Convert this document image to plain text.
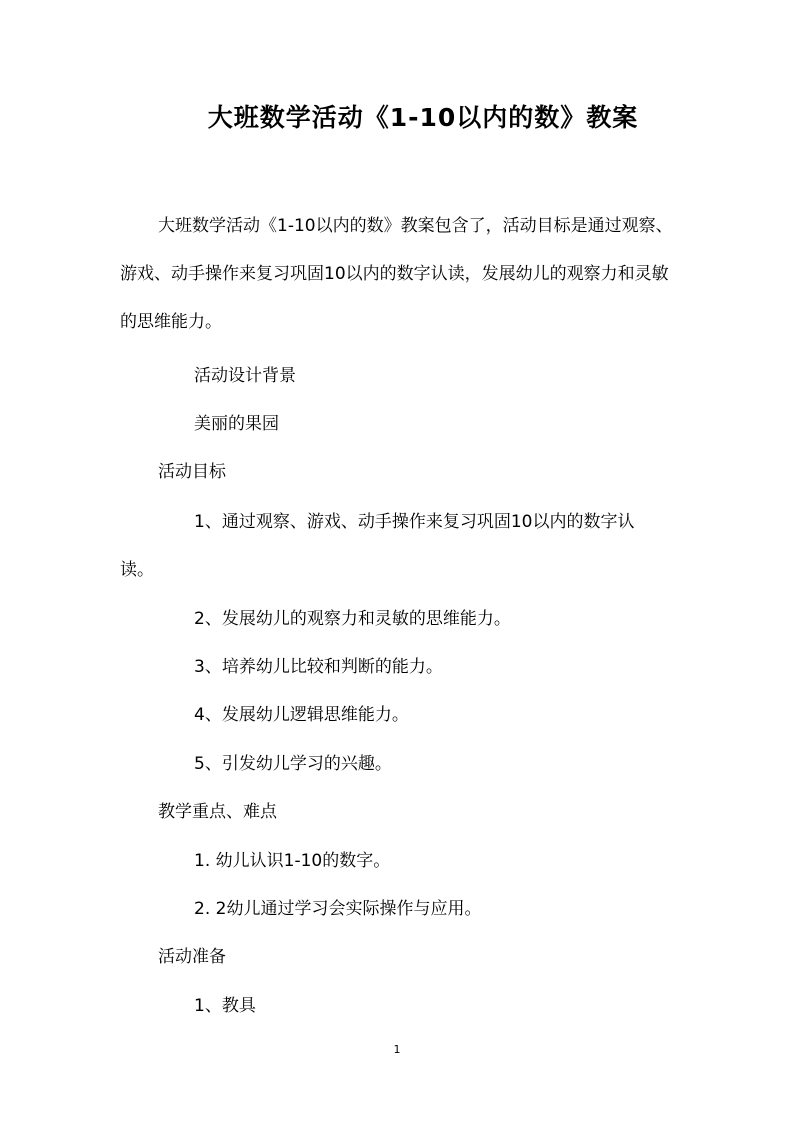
大班数学活动《1-10以内的数》教案
大班数学活动《1-10以内的数》教案包含了，活动目标是通过观察、游戏、动手操作来复习巩固10以内的数字认读，发展幼儿的观察力和灵敏的思维能力。
活动设计背景
美丽的果园
活动目标
1、通过观察、游戏、动手操作来复习巩固10以内的数字认
读。
2、发展幼儿的观察力和灵敏的思维能力。
3、培养幼儿比较和判断的能力。
4、发展幼儿逻辑思维能力。
5、引发幼儿学习的兴趣。
教学重点、难点
1. 幼儿认识1-10的数字。
2. 2幼儿通过学习会实际操作与应用。
活动准备
1、教具
1
